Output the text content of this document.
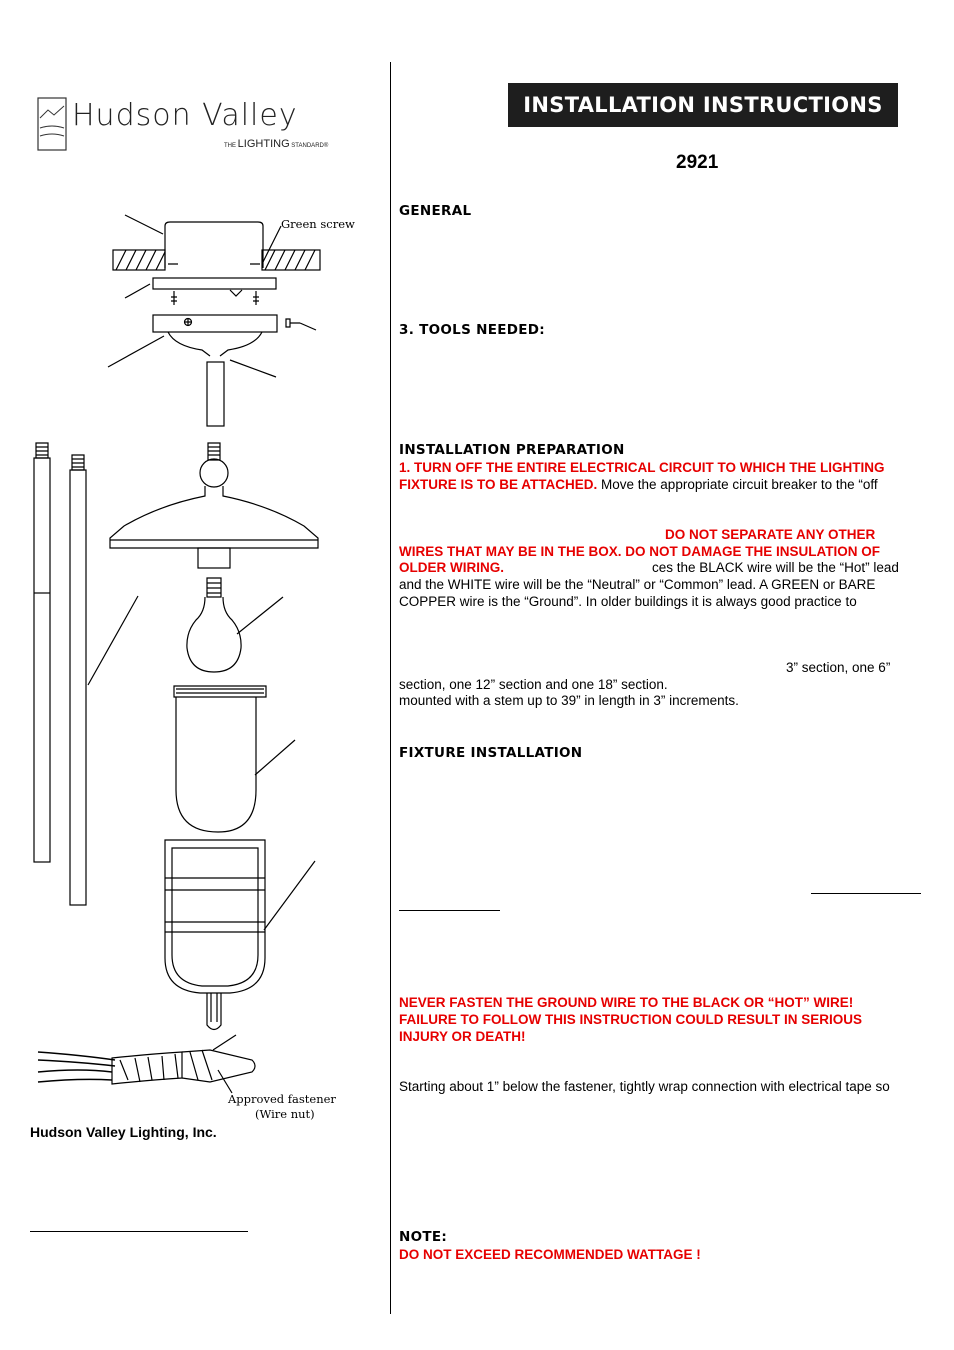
Hudson Valley
THE LIGHTING STANDARD®
Green screw
Approved fastener
(Wire nut)
Hudson Valley Lighting, Inc.
INSTALLATION INSTRUCTIONS
2921
GENERAL
3. TOOLS NEEDED:
INSTALLATION PREPARATION
1. TURN OFF THE ENTIRE ELECTRICAL CIRCUIT TO WHICH THE LIGHTING
FIXTURE IS TO BE ATTACHED. Move the appropriate circuit breaker to the “off
DO NOT SEPARATE ANY OTHER
WIRES THAT MAY BE IN THE BOX. DO NOT DAMAGE THE INSULATION OF
OLDER WIRING.	ces the BLACK wire will be the “Hot” lead
and the WHITE wire will be the “Neutral” or “Common” lead. A GREEN or BARE
COPPER wire is the “Ground”. In older buildings it is always good practice to
3” section, one 6”
section, one 12” section and one 18” section.
mounted with a stem up to 39” in length in 3” increments.
FIXTURE INSTALLATION
NEVER FASTEN THE GROUND WIRE TO THE BLACK OR “HOT” WIRE!
FAILURE TO FOLLOW THIS INSTRUCTION COULD RESULT IN SERIOUS
INJURY OR DEATH!
Starting about 1” below the fastener, tightly wrap connection with electrical tape so
NOTE:
DO NOT EXCEED RECOMMENDED WATTAGE !
